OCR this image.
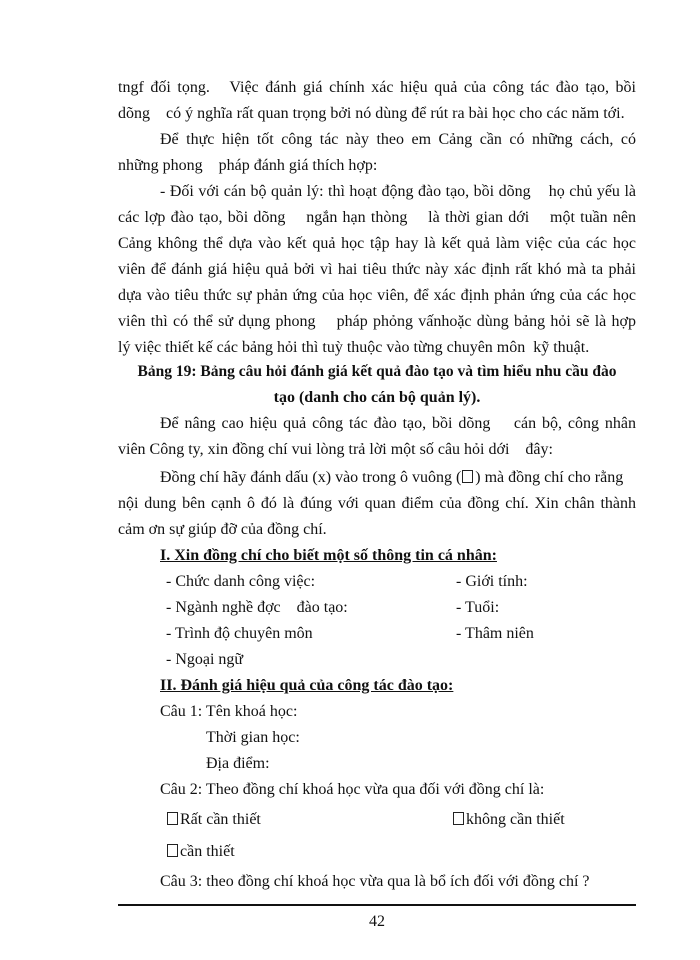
tngf đối tọng.   Việc đánh giá chính xác hiệu quả của công tác đào tạo, bồi
dõng    có ý nghĩa rất quan trọng bởi nó dùng để rút ra bài học cho các năm tới.
Để thực hiện tốt công tác này theo em Cảng cần có những cách, có
những phong    pháp đánh giá thích hợp:
- Đối với cán bộ quản lý: thì hoạt động đào tạo, bồi dõng    họ chủ yếu là
các lợp đào tạo, bồi dõng    ngắn hạn thòng    là thời gian dới    một tuần nên
Cảng không thể dựa vào kết quả học tập hay là kết quả làm việc của các học
viên để đánh giá hiệu quả bởi vì hai tiêu thức này xác định rất khó mà ta phải
dựa vào tiêu thức sự phản ứng của học viên, để xác định phản ứng của các học
viên thì có thể sử dụng phong    pháp phỏng vấnhoặc dùng bảng hỏi sẽ là hợp
lý việc thiết kế các bảng hỏi thì tuỳ thuộc vào từng chuyên môn  kỹ thuật.
Bảng 19: Bảng câu hỏi đánh giá kết quả đào tạo và tìm hiểu nhu cầu đào
tạo (danh cho cán bộ quản lý).
Để nâng cao hiệu quả công tác đào tạo, bồi dõng    cán bộ, công nhân
viên Công ty, xin đồng chí vui lòng trả lời một số câu hỏi dới    đây:
Đồng chí hãy đánh dấu (x) vào trong ô vuông ( ) mà đồng chí cho rằng
nội dung bên cạnh ô đó là đúng với quan điểm của đồng chí. Xin chân thành
cảm ơn sự giúp đỡ của đồng chí.
I. Xin đồng chí cho biết một số thông tin cá nhân:
- Chức danh công việc:
- Ngành nghề đợc    đào tạo:
- Trình độ chuyên môn
- Ngoại ngữ
- Giới tính:
- Tuổi:
- Thâm niên
II. Đánh giá hiệu quả của công tác đào tạo:
Câu 1: Tên khoá học:
Thời gian học:
Địa điểm:
Câu 2: Theo đồng chí khoá học vừa qua đối với đồng chí là:
Rất cần thiết	không cần thiết
cần thiết
Câu 3: theo đồng chí khoá học vừa qua là bổ ích đối với đồng chí ?
42
